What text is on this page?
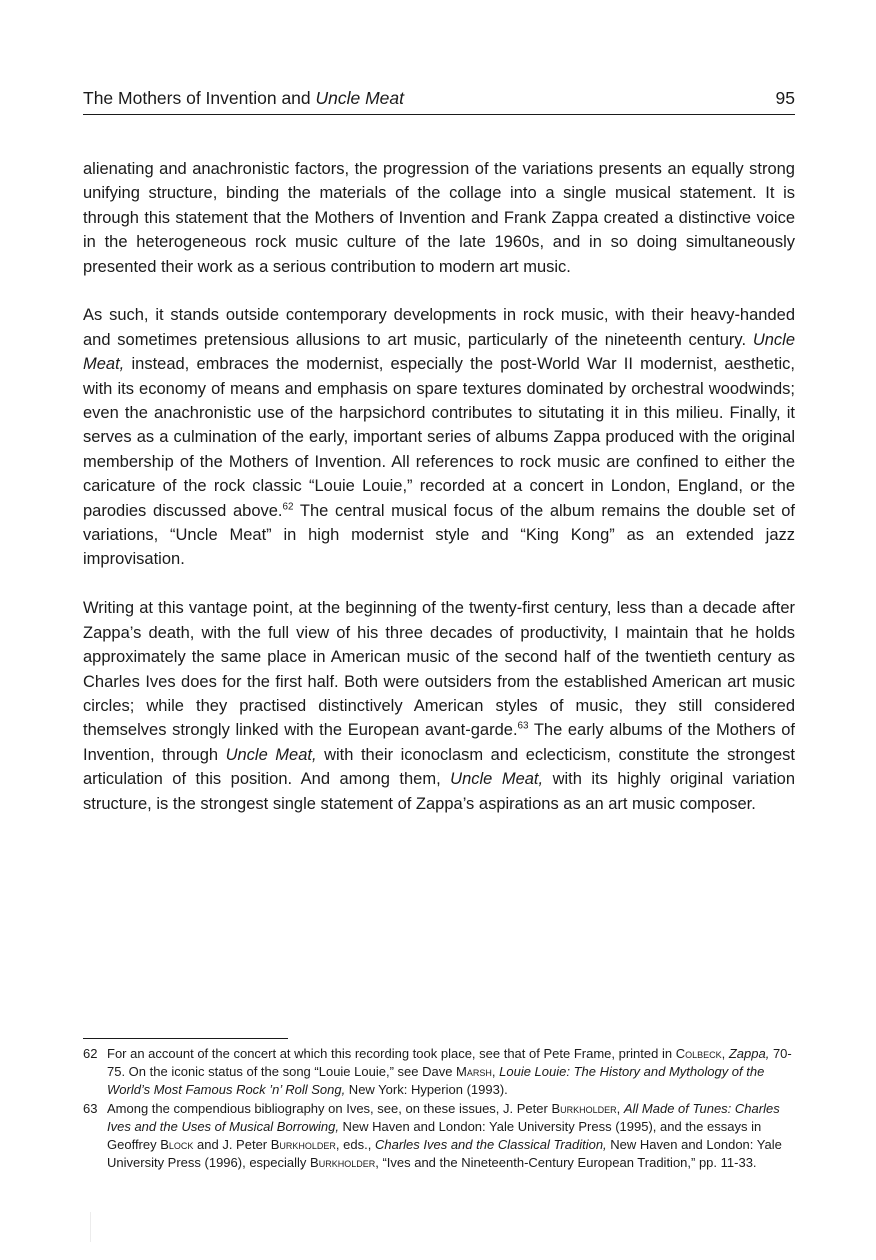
The Mothers of Invention and Uncle Meat	95

alienating and anachronistic factors, the progression of the variations presents an equally strong unifying structure, binding the materials of the collage into a single musical statement. It is through this statement that the Mothers of Invention and Frank Zappa created a distinctive voice in the heterogeneous rock music culture of the late 1960s, and in so doing simultaneously presented their work as a serious contribution to modern art music.

As such, it stands outside contemporary developments in rock music, with their heavy-handed and sometimes pretensious allusions to art music, particularly of the nineteenth century. Uncle Meat, instead, embraces the modernist, especially the post-World War II modernist, aesthetic, with its economy of means and emphasis on spare textures dominated by orchestral woodwinds; even the anachronistic use of the harpsichord contributes to situtating it in this milieu. Finally, it serves as a culmination of the early, important series of albums Zappa produced with the original membership of the Mothers of Invention. All references to rock music are confined to either the caricature of the rock classic “Louie Louie,” recorded at a concert in London, England, or the parodies discussed above.$^{62}$ The central musical focus of the album remains the double set of variations, “Uncle Meat” in high modernist style and “King Kong” as an extended jazz improvisation.

Writing at this vantage point, at the beginning of the twenty-first century, less than a decade after Zappa’s death, with the full view of his three decades of productivity, I maintain that he holds approximately the same place in American music of the second half of the twentieth century as Charles Ives does for the first half. Both were outsiders from the established American art music circles; while they practised distinctively American styles of music, they still considered themselves strongly linked with the European avant-garde.$^{63}$ The early albums of the Mothers of Invention, through Uncle Meat, with their iconoclasm and eclecticism, constitute the strongest articulation of this position. And among them, Uncle Meat, with its highly original variation structure, is the strongest single statement of Zappa’s aspirations as an art music composer.

62 For an account of the concert at which this recording took place, see that of Pete Frame, printed in Colbeck, Zappa, 70-75. On the iconic status of the song “Louie Louie,” see Dave Marsh, Louie Louie: The History and Mythology of the World’s Most Famous Rock ’n’ Roll Song, New York: Hyperion (1993).
63 Among the compendious bibliography on Ives, see, on these issues, J. Peter Burkholder, All Made of Tunes: Charles Ives and the Uses of Musical Borrowing, New Haven and London: Yale University Press (1995), and the essays in Geoffrey Block and J. Peter Burkholder, eds., Charles Ives and the Classical Tradition, New Haven and London: Yale University Press (1996), especially Burkholder, “Ives and the Nineteenth-Century European Tradition,” pp. 11-33.
